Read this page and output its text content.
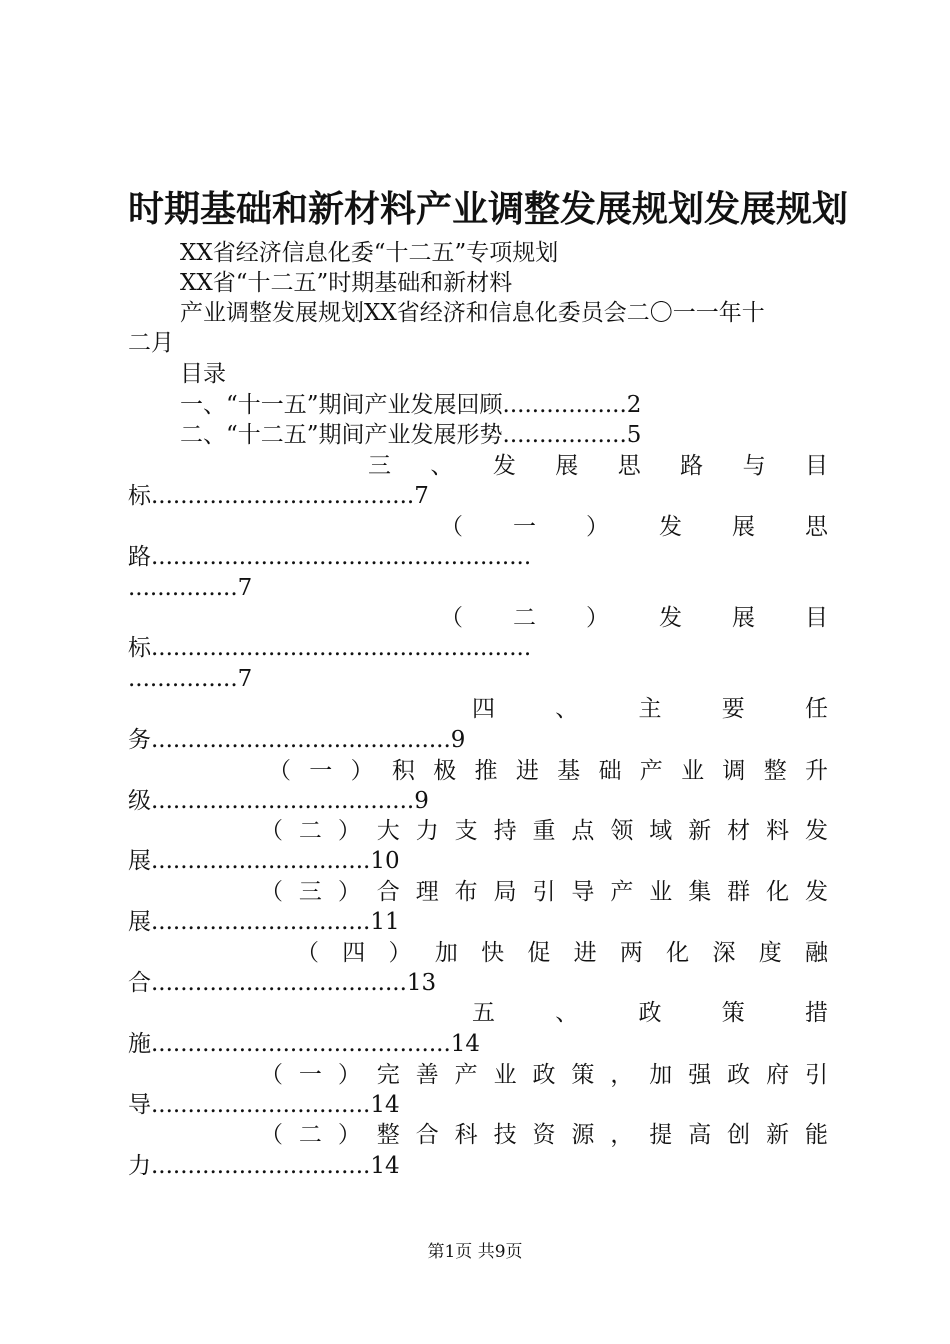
时期基础和新材料产业调整发展规划发展规划
XX省经济信息化委“十二五”专项规划
XX省“十二五”时期基础和新材料
产业调整发展规划XX省经济和信息化委员会二〇一一年十
二月
目录
一、“十一五”期间产业发展回顾.................2
二、“十二五”期间产业发展形势.................5
三 、 发 展 思 路 与 目
标....................................7
（ 一 ） 发 展 思
路....................................................
...............7
（ 二 ） 发 展 目
标....................................................
...............7
四 、 主 要 任
务.........................................9
（ 一 ） 积 极 推 进 基 础 产 业 调 整 升
级....................................9
（ 二 ） 大 力 支 持 重 点 领 域 新 材 料 发
展..............................10
（ 三 ） 合 理 布 局 引 导 产 业 集 群 化 发
展..............................11
（ 四 ） 加 快 促 进 两 化 深 度 融
合...................................13
五 、 政 策 措
施.........................................14
（ 一 ） 完 善 产 业 政 策 ， 加 强 政 府 引
导..............................14
（ 二 ） 整 合 科 技 资 源 ， 提 高 创 新 能
力..............................14
第1页 共9页
